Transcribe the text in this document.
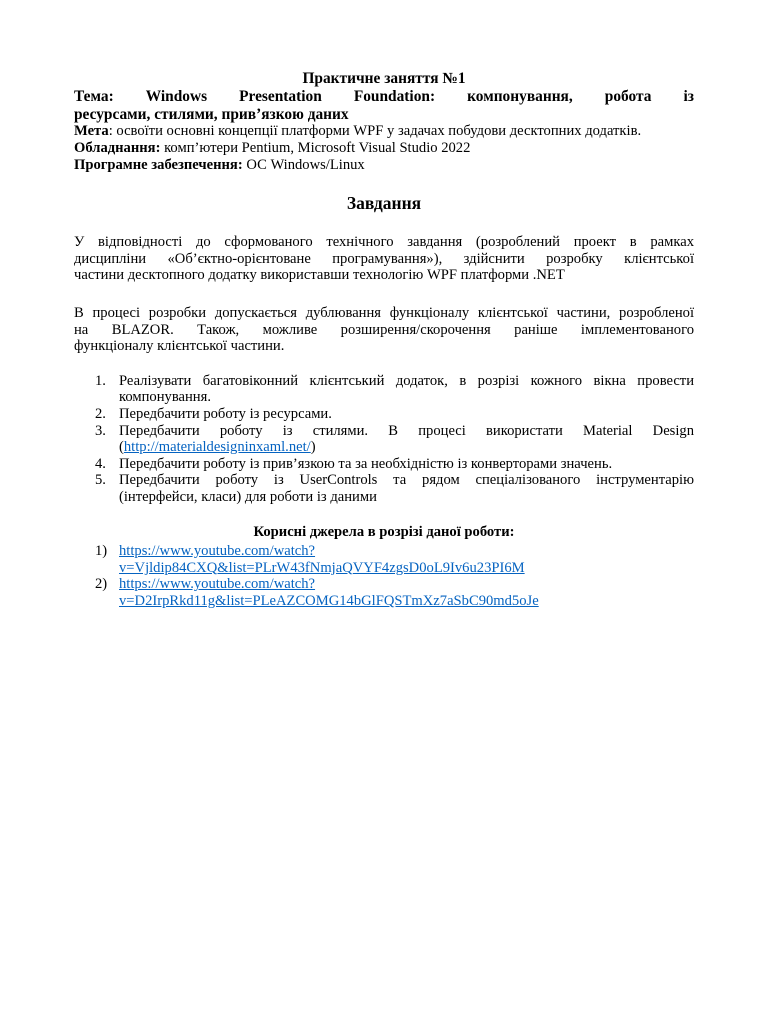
Практичне заняття №1
Тема: Windows Presentation Foundation: компонування, робота із
ресурсами, стилями, прив’язкою даних
Мета: освоїти основні концепції платформи WPF у задачах побудови десктопних додатків.
Обладнання: комп’ютери Pentium, Microsoft Visual Studio 2022
Програмне забезпечення: ОС Windows/Linux
Завдання
У відповідності до сформованого технічного завдання (розроблений проект в рамках
дисципліни «Об’єктно-орієнтоване програмування»), здійснити розробку клієнтської
частини десктопного додатку використавши технологію WPF платформи .NET
В процесі розробки допускається дублювання функціоналу клієнтської частини, розробленої
на BLAZOR. Також, можливе розширення/скорочення раніше імплементованого
функціоналу клієнтської частини.
1. Реалізувати багатовіконний клієнтський додаток, в розрізі кожного вікна провести
компонування.
2. Передбачити роботу із ресурсами.
3. Передбачити роботу із стилями. В процесі використати Material Design
(http://materialdesigninxaml.net/)
4. Передбачити роботу із прив’язкою та за необхідністю із конверторами значень.
5. Передбачити роботу із UserControls та рядом спеціалізованого інструментарію
(інтерфейси, класи) для роботи із даними
Корисні джерела в розрізі даної роботи:
1) https://www.youtube.com/watch?
v=Vjldip84CXQ&list=PLrW43fNmjaQVYF4zgsD0oL9Iv6u23PI6M
2) https://www.youtube.com/watch?
v=D2IrpRkd11g&list=PLeAZCOMG14bGlFQSTmXz7aSbC90md5oJe
